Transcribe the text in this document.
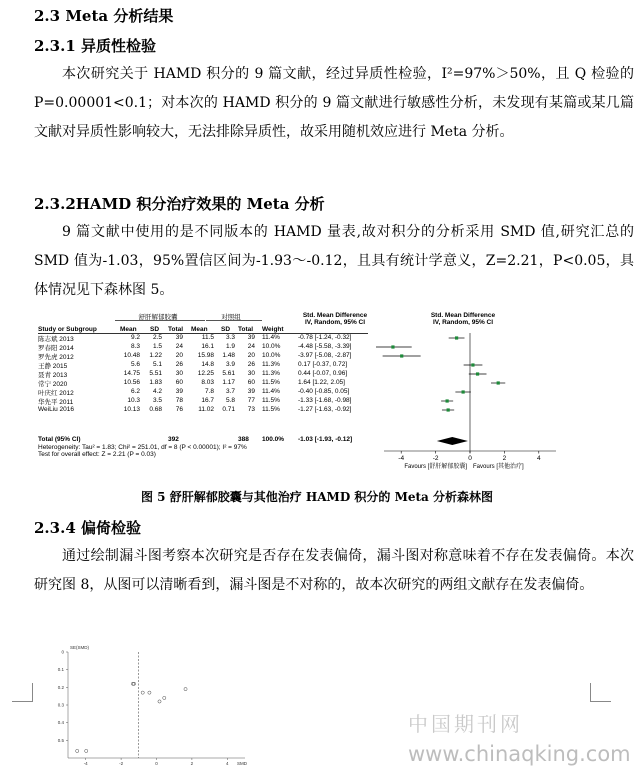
2.3 Meta 分析结果
2.3.1 异质性检验
本次研究关于 HAMD 积分的 9 篇文献，经过异质性检验，I²=97%＞50%，且 Q 检验的 P=0.00001<0.1；对本次的 HAMD 积分的 9 篇文献进行敏感性分析，未发现有某篇或某几篇文献对异质性影响较大，无法排除异质性，故采用随机效应进行 Meta 分析。
2.3.2HAMD 积分治疗效果的 Meta 分析
9 篇文献中使用的是不同版本的 HAMD 量表,故对积分的分析采用 SMD 值,研究汇总的 SMD 值为-1.03，95%置信区间为-1.93～-0.12，且具有统计学意义，Z=2.21，P<0.05，具体情况见下森林图 5。
舒肝解郁胶囊	对照组	Std. Mean Difference	Std. Mean Difference
IV, Random, 95% CI	IV, Random, 95% CI
Study or Subgroup	Mean SD Total Mean SD Total Weight
陈志斌 2013	9.2	2.5	39	11.5	3.3	39 11.4%	-0.78 [-1.24, -0.32]
罗春阳 2014	8.3	1.5	24	16.1	1.9	24 10.0%	-4.48 [-5.58, -3.39]
罗先虎 2012	10.48	1.22	20	15.98	1.48	20 10.0%	-3.97 [-5.08, -2.87]
王静 2015	5.6	5.1	26	14.8	3.9	26 11.3%	0.17 [-0.37, 0.72]
聂青 2013	14.75	5.51	30	12.25	5.61	30 11.3%	0.44 [-0.07, 0.96]
常宁 2020	10.56	1.83	60	8.03	1.17	60 11.5%	1.64 [1.22, 2.05]
叶庆红 2012	6.2	4.2	39	7.8	3.7	39 11.4%	-0.40 [-0.85, 0.05]
华先平 2011	10.3	3.5	78	16.7	5.8	77 11.5%	-1.33 [-1.68, -0.98]
WeiLiu 2016	10.13	0.68	76	11.02	0.71	73 11.5%	-1.27 [-1.63, -0.92]
Total (95% CI)	392	388	100.0% -1.03 [-1.93, -0.12]
Heterogeneity: Tau² = 1.83; Chi² = 251.01, df = 8 (P < 0.00001); I² = 97%
Test for overall effect: Z = 2.21 (P = 0.03)
-4	-2	0	2	4
Favours [舒肝解郁胶囊] Favours [其他治疗]
图 5 舒肝解郁胶囊与其他治疗 HAMD 积分的 Meta 分析森林图
2.3.4 偏倚检验
通过绘制漏斗图考察本次研究是否存在发表偏倚，漏斗图对称意味着不存在发表偏倚。本次研究图 8，从图可以清晰看到，漏斗图是不对称的，故本次研究的两组文献存在发表偏倚。
0
0.1
0.2
0.3
0.4
0.5
-4	-2	0	2	4
SE(SMD)
SMD
中国期刊网
www.chinaqking.com
